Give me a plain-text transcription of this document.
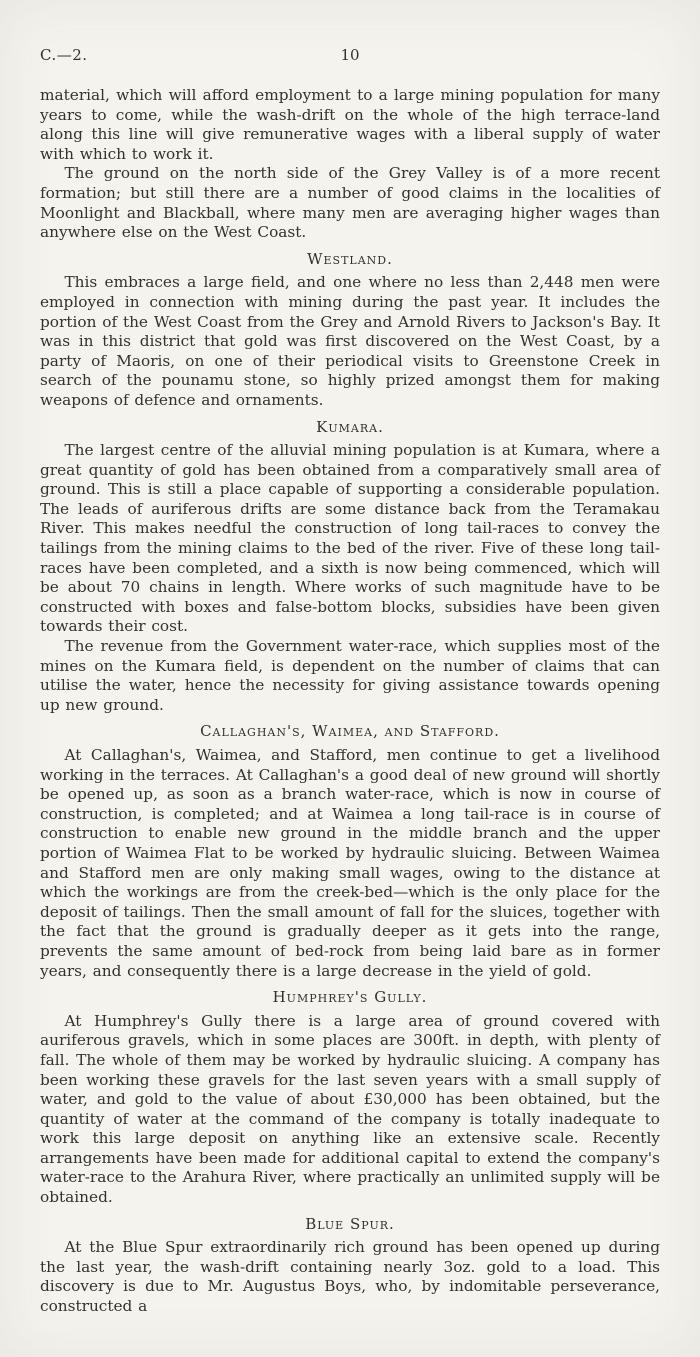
C.—2.	10

material, which will afford employment to a large mining population for many years to come, while the wash-drift on the whole of the high terrace-land along this line will give remunerative wages with a liberal supply of water with which to work it.

The ground on the north side of the Grey Valley is of a more recent formation; but still there are a number of good claims in the localities of Moonlight and Blackball, where many men are averaging higher wages than anywhere else on the West Coast.

Westland.

This embraces a large field, and one where no less than 2,448 men were employed in connection with mining during the past year. It includes the portion of the West Coast from the Grey and Arnold Rivers to Jackson's Bay. It was in this district that gold was first discovered on the West Coast, by a party of Maoris, on one of their periodical visits to Greenstone Creek in search of the pounamu stone, so highly prized amongst them for making weapons of defence and ornaments.

Kumara.

The largest centre of the alluvial mining population is at Kumara, where a great quantity of gold has been obtained from a comparatively small area of ground. This is still a place capable of supporting a considerable population. The leads of auriferous drifts are some distance back from the Teramakau River. This makes needful the construction of long tail-races to convey the tailings from the mining claims to the bed of the river. Five of these long tail-races have been completed, and a sixth is now being commenced, which will be about 70 chains in length. Where works of such magnitude have to be constructed with boxes and false-bottom blocks, subsidies have been given towards their cost.

The revenue from the Government water-race, which supplies most of the mines on the Kumara field, is dependent on the number of claims that can utilise the water, hence the necessity for giving assistance towards opening up new ground.

Callaghan's, Waimea, and Stafford.

At Callaghan's, Waimea, and Stafford, men continue to get a livelihood working in the terraces. At Callaghan's a good deal of new ground will shortly be opened up, as soon as a branch water-race, which is now in course of construction, is completed; and at Waimea a long tail-race is in course of construction to enable new ground in the middle branch and the upper portion of Waimea Flat to be worked by hydraulic sluicing. Between Waimea and Stafford men are only making small wages, owing to the distance at which the workings are from the creek-bed—which is the only place for the deposit of tailings. Then the small amount of fall for the sluices, together with the fact that the ground is gradually deeper as it gets into the range, prevents the same amount of bed-rock from being laid bare as in former years, and consequently there is a large decrease in the yield of gold.

Humphrey's Gully.

At Humphrey's Gully there is a large area of ground covered with auriferous gravels, which in some places are 300ft. in depth, with plenty of fall. The whole of them may be worked by hydraulic sluicing. A company has been working these gravels for the last seven years with a small supply of water, and gold to the value of about £30,000 has been obtained, but the quantity of water at the command of the company is totally inadequate to work this large deposit on anything like an extensive scale. Recently arrangements have been made for additional capital to extend the company's water-race to the Arahura River, where practically an unlimited supply will be obtained.

Blue Spur.

At the Blue Spur extraordinarily rich ground has been opened up during the last year, the wash-drift containing nearly 3oz. gold to a load. This discovery is due to Mr. Augustus Boys, who, by indomitable perseverance, constructed a
